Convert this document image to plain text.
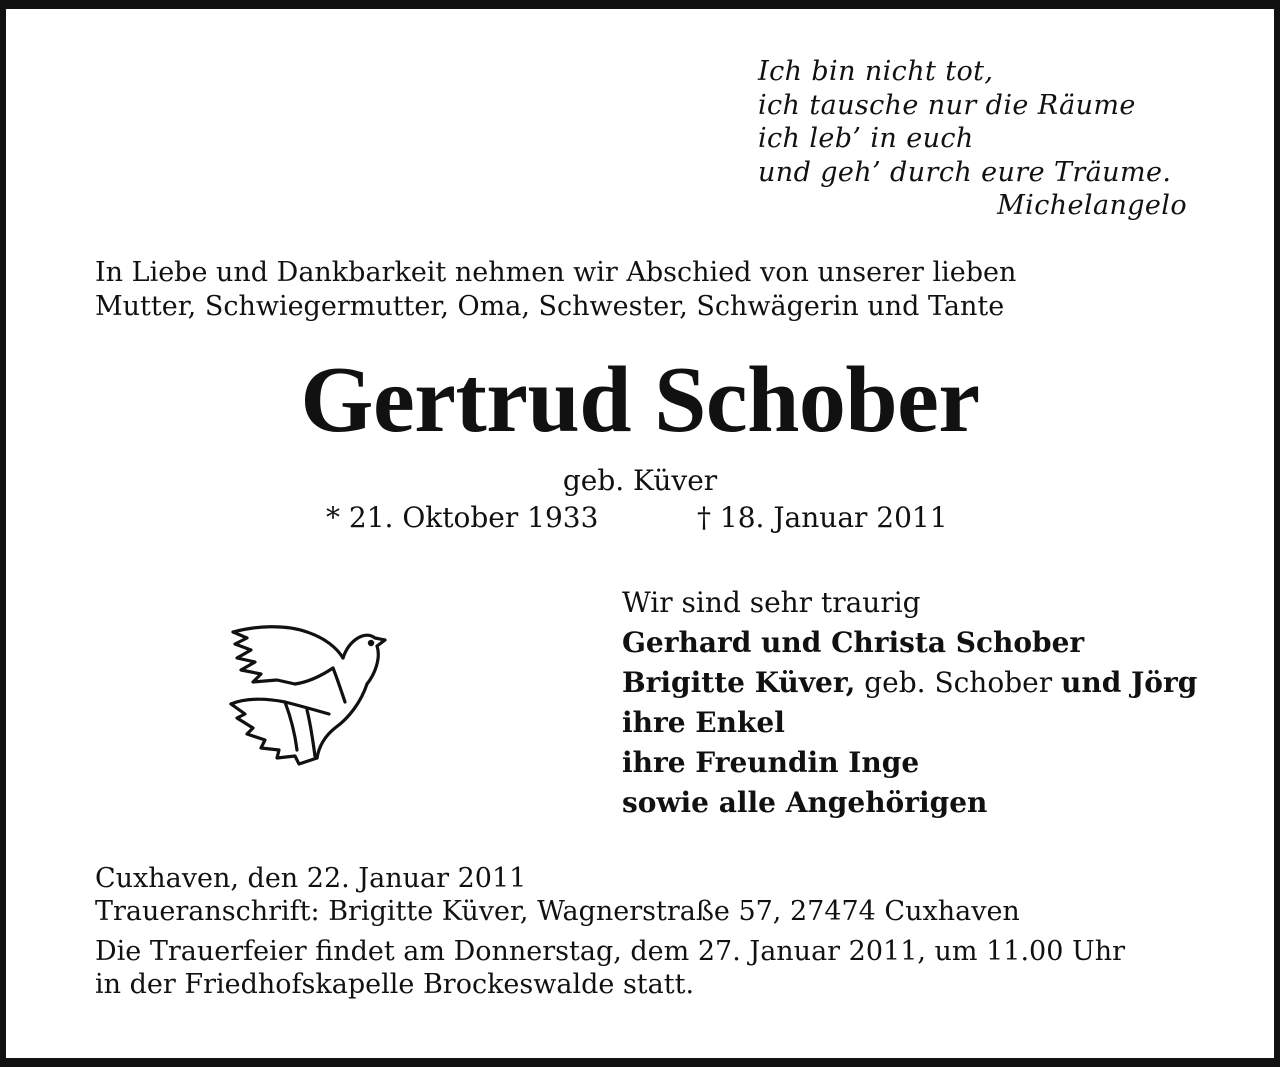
Ich bin nicht tot,
ich tausche nur die Räume
ich leb’ in euch
und geh’ durch eure Träume.
Michelangelo
In Liebe und Dankbarkeit nehmen wir Abschied von unserer lieben
Mutter, Schwiegermutter, Oma, Schwester, Schwägerin und Tante
Gertrud Schober
geb. Küver
* 21. Oktober 1933	† 18. Januar 2011
Wir sind sehr traurig
Gerhard und Christa Schober
Brigitte Küver, geb. Schober und Jörg
ihre Enkel
ihre Freundin Inge
sowie alle Angehörigen
Cuxhaven, den 22. Januar 2011
Traueranschrift: Brigitte Küver, Wagnerstraße 57, 27474 Cuxhaven
Die Trauerfeier findet am Donnerstag, dem 27. Januar 2011, um 11.00 Uhr
in der Friedhofskapelle Brockeswalde statt.
